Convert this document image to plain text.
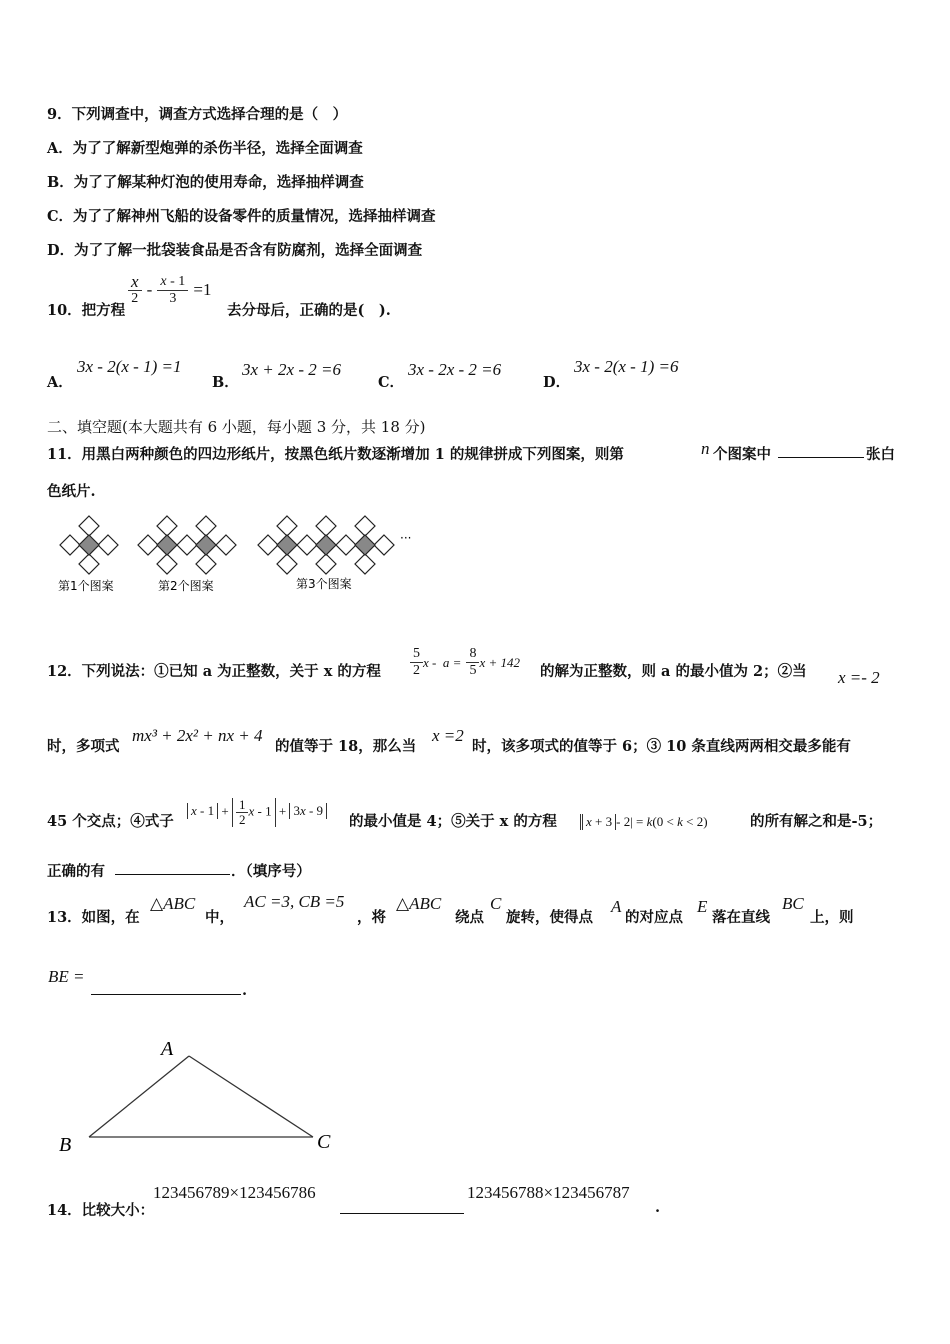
9．下列调查中，调查方式选择合理的是（　）
A．为了了解新型炮弹的杀伤半径，选择全面调查
B．为了了解某种灯泡的使用寿命，选择抽样调查
C．为了了解神州飞船的设备零件的质量情况，选择抽样调查
D．为了了解一批袋装食品是否含有防腐剂，选择全面调查
10．把方程
$\frac{x}{2} - \frac{x - 1}{3} =1$
去分母后，正确的是(　).
A．
3x - 2(x - 1) =1
B．
3x + 2x - 2 =6
C．
3x - 2x - 2 =6
D．
3x - 2(x - 1) =6
二、填空题(本大题共有 6 小题，每小题 3 分，共 18 分)
11．用黑白两种颜色的四边形纸片，按黑色纸片数逐渐增加 1 的规律拼成下列图案，则第	n 个图案中	张白
色纸片.
···
第1个图案	第2个图案	第3个图案
12．下列说法：①已知 a 为正整数，关于 x 的方程 $\frac{5}{2}$ $x - a = \frac{8}{5}$ x + 142
的解为正整数，则 a 的最小值为 2；②当 x =- 2
时，多项式
mx³ + 2x² + nx + 4
的值等于 18，那么当
x =2
时，该多项式的值等于 6；③ 10 条直线两两相交最多能有
45 个交点；④式子
$x - 1 + \frac{1}{2}$ x - 1 + 3x - 9
的最小值是 4；⑤关于 x 的方程	x + 3 - 2| = k(0 < k < 2)	的所有解之和是-5；
正确的有	．（填序号）
13．如图，在
△ABC
中，
AC =3, CB =5
，将
△ABC
绕点
C
旋转，使得点
A
的对应点
E
落在直线
BC
上，则
BE =
.
A
B	C
14．比较大小：
123456789×123456786	123456788×123456787
.
